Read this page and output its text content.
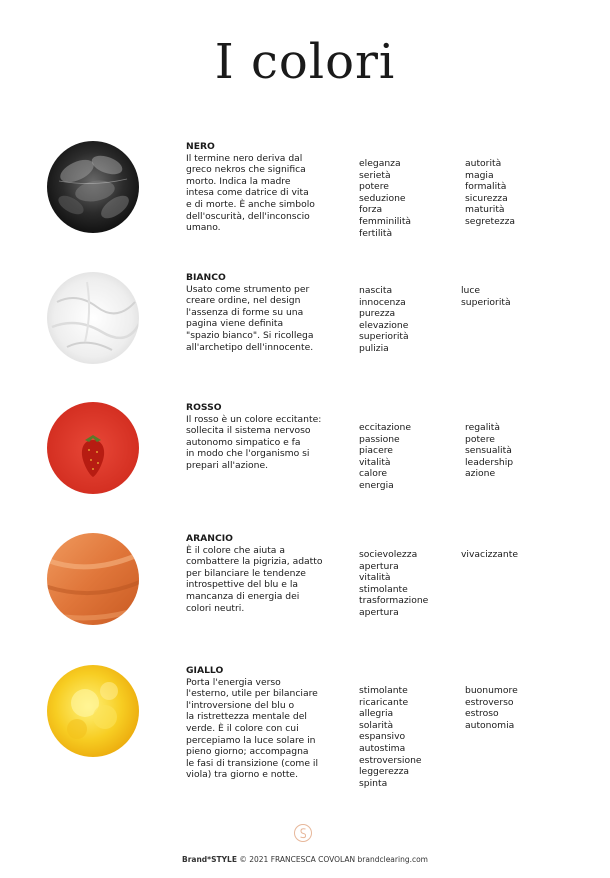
I colori
NERO
Il termine nero deriva dal
greco nekros che significa
morto. Indica la madre
intesa come datrice di vita
e di morte. È anche simbolo
dell'oscurità, dell'inconscio
umano.
eleganza
serietà
potere
seduzione
forza
femminilità
fertilità
autorità
magia
formalità
sicurezza
maturità
segretezza
BIANCO
Usato come strumento per
creare ordine, nel design
l'assenza di forme su una
pagina viene definita
"spazio bianco". Si ricollega
all'archetipo dell'innocente.
nascita
innocenza
purezza
elevazione
superiorità
pulizia
luce
superiorità
ROSSO
Il rosso è un colore eccitante:
sollecita il sistema nervoso
autonomo simpatico e fa
in modo che l'organismo si
prepari all'azione.
eccitazione
passione
piacere
vitalità
calore
energia
regalità
potere
sensualità
leadership
azione
ARANCIO
È il colore che aiuta a
combattere la pigrizia, adatto
per bilanciare le tendenze
introspettive del blu e la
mancanza di energia dei
colori neutri.
socievolezza
apertura
vitalità
stimolante
trasformazione
apertura
vivacizzante
GIALLO
Porta l'energia verso
l'esterno, utile per bilanciare
l'introversione del blu o
la ristrettezza mentale del
verde. È il colore con cui
percepiamo la luce solare in
pieno giorno; accompagna
le fasi di transizione (come il
viola) tra giorno e notte.
stimolante
ricaricante
allegria
solarità
espansivo
autostima
estroversione
leggerezza
spinta
buonumore
estroverso
estroso
autonomia
Brand*STYLE © 2021 FRANCESCA COVOLAN brandclearing.com
